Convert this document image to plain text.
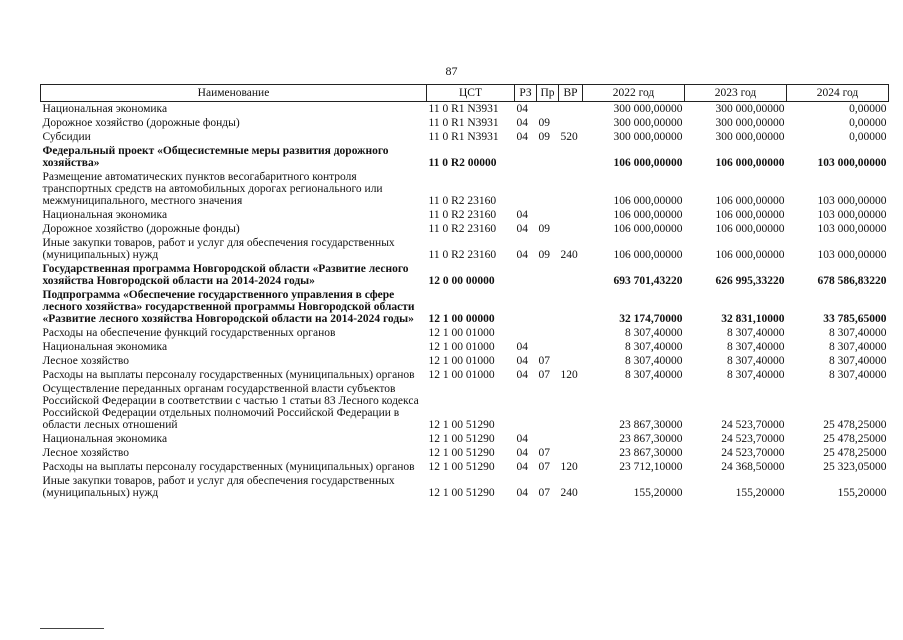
87
Наименование	ЦСТ	РЗ	Пр	ВР	2022 год	2023 год	2024 год
Национальная экономика	11 0 R1 N3931	04			300 000,00000	300 000,00000	0,00000
Дорожное хозяйство (дорожные фонды)	11 0 R1 N3931	04	09		300 000,00000	300 000,00000	0,00000
Субсидии	11 0 R1 N3931	04	09	520	300 000,00000	300 000,00000	0,00000
Федеральный проект «Общесистемные меры развития дорожного хозяйства»	11 0 R2 00000				106 000,00000	106 000,00000	103 000,00000
Размещение автоматических пунктов весогабаритного контроля транспортных средств на автомобильных дорогах регионального или межмуниципального, местного значения	11 0 R2 23160				106 000,00000	106 000,00000	103 000,00000
Национальная экономика	11 0 R2 23160	04			106 000,00000	106 000,00000	103 000,00000
Дорожное хозяйство (дорожные фонды)	11 0 R2 23160	04	09		106 000,00000	106 000,00000	103 000,00000
Иные закупки товаров, работ и услуг для обеспечения государственных (муниципальных) нужд	11 0 R2 23160	04	09	240	106 000,00000	106 000,00000	103 000,00000
Государственная программа Новгородской области «Развитие лесного хозяйства Новгородской области на 2014-2024 годы»	12 0 00 00000				693 701,43220	626 995,33220	678 586,83220
Подпрограмма «Обеспечение государственного управления в сфере лесного хозяйства» государственной программы Новгородской области «Развитие лесного хозяйства Новгородской области на 2014-2024 годы»	12 1 00 00000				32 174,70000	32 831,10000	33 785,65000
Расходы на обеспечение функций государственных органов	12 1 00 01000				8 307,40000	8 307,40000	8 307,40000
Национальная экономика	12 1 00 01000	04			8 307,40000	8 307,40000	8 307,40000
Лесное хозяйство	12 1 00 01000	04	07		8 307,40000	8 307,40000	8 307,40000
Расходы на выплаты персоналу государственных (муниципальных) органов	12 1 00 01000	04	07	120	8 307,40000	8 307,40000	8 307,40000
Осуществление переданных органам государственной власти субъектов Российской Федерации в соответствии с частью 1 статьи 83 Лесного кодекса Российской Федерации отдельных полномочий Российской Федерации в области лесных отношений	12 1 00 51290				23 867,30000	24 523,70000	25 478,25000
Национальная экономика	12 1 00 51290	04			23 867,30000	24 523,70000	25 478,25000
Лесное хозяйство	12 1 00 51290	04	07		23 867,30000	24 523,70000	25 478,25000
Расходы на выплаты персоналу государственных (муниципальных) органов	12 1 00 51290	04	07	120	23 712,10000	24 368,50000	25 323,05000
Иные закупки товаров, работ и услуг для обеспечения государственных (муниципальных) нужд	12 1 00 51290	04	07	240	155,20000	155,20000	155,20000
